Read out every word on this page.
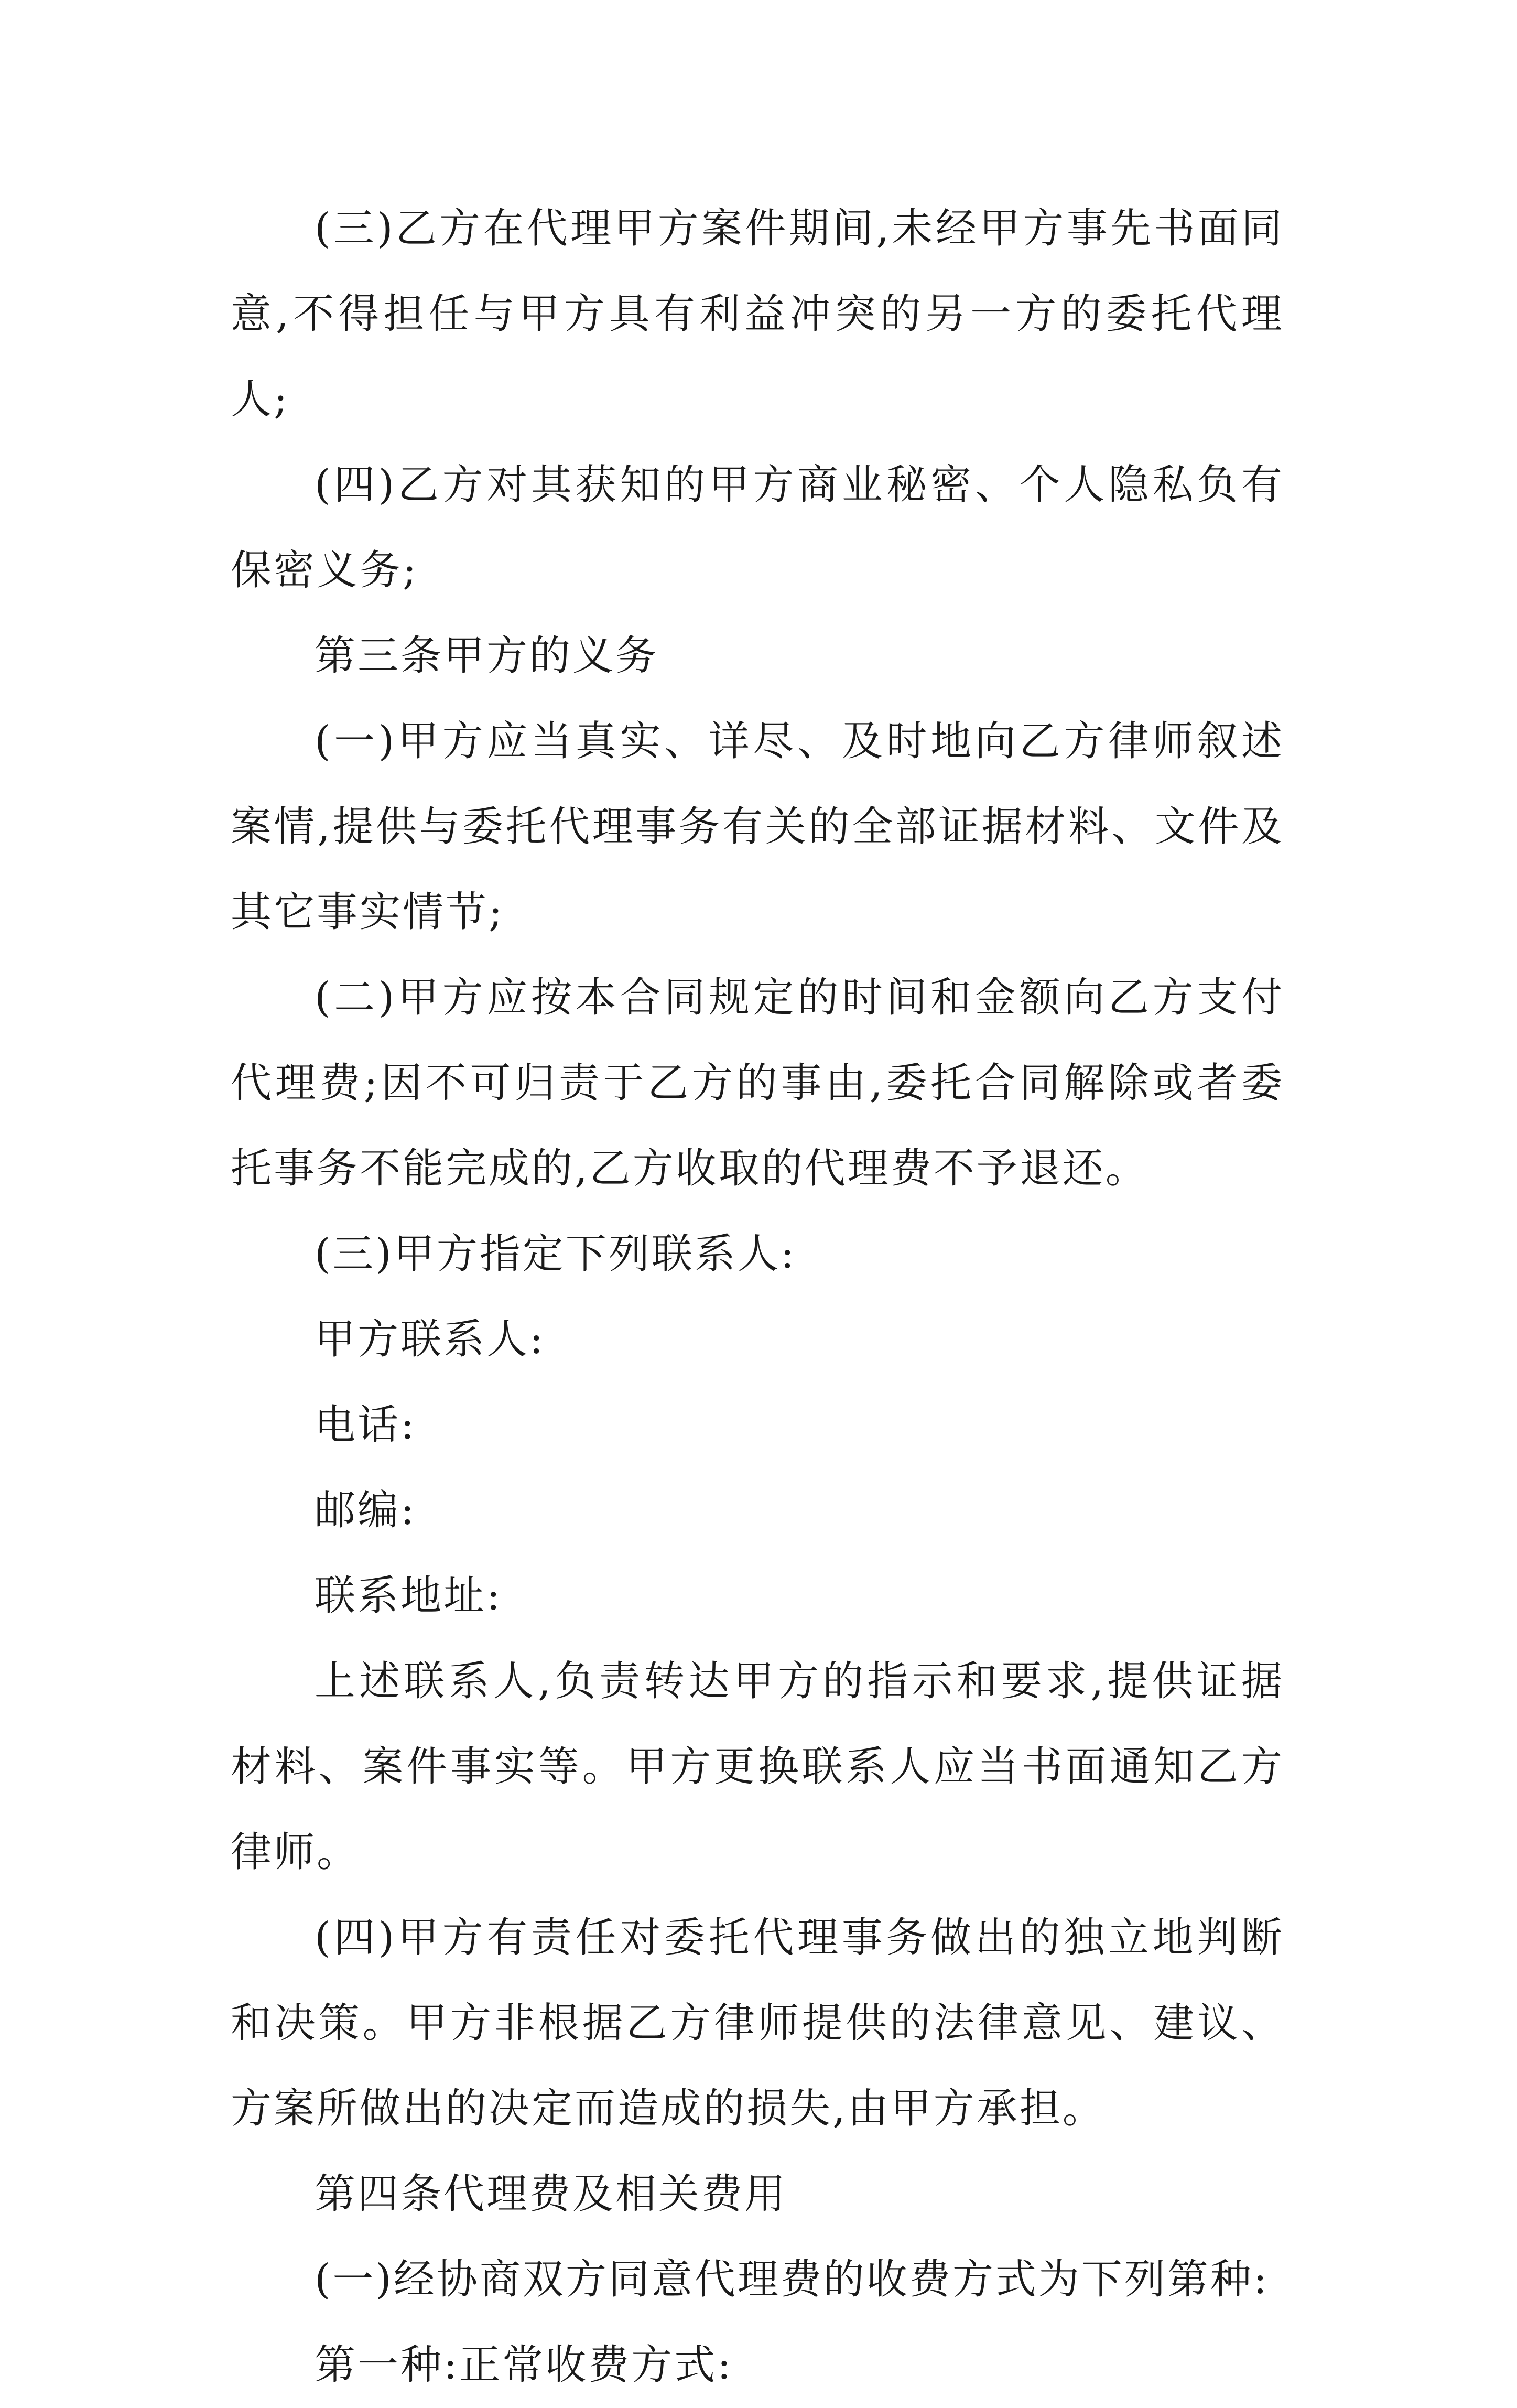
(三)乙方在代理甲方案件期间,未经甲方事先书面同意,不得担任与甲方具有利益冲突的另一方的委托代理人;

(四)乙方对其获知的甲方商业秘密、个人隐私负有保密义务;

第三条甲方的义务

(一)甲方应当真实、详尽、及时地向乙方律师叙述案情,提供与委托代理事务有关的全部证据材料、文件及其它事实情节;

(二)甲方应按本合同规定的时间和金额向乙方支付代理费;因不可归责于乙方的事由,委托合同解除或者委托事务不能完成的,乙方收取的代理费不予退还。

(三)甲方指定下列联系人:

甲方联系人:

电话:

邮编:

联系地址:

上述联系人,负责转达甲方的指示和要求,提供证据材料、案件事实等。甲方更换联系人应当书面通知乙方律师。

(四)甲方有责任对委托代理事务做出的独立地判断和决策。甲方非根据乙方律师提供的法律意见、建议、方案所做出的决定而造成的损失,由甲方承担。

第四条代理费及相关费用

(一)经协商双方同意代理费的收费方式为下列第种:

第一种:正常收费方式:
